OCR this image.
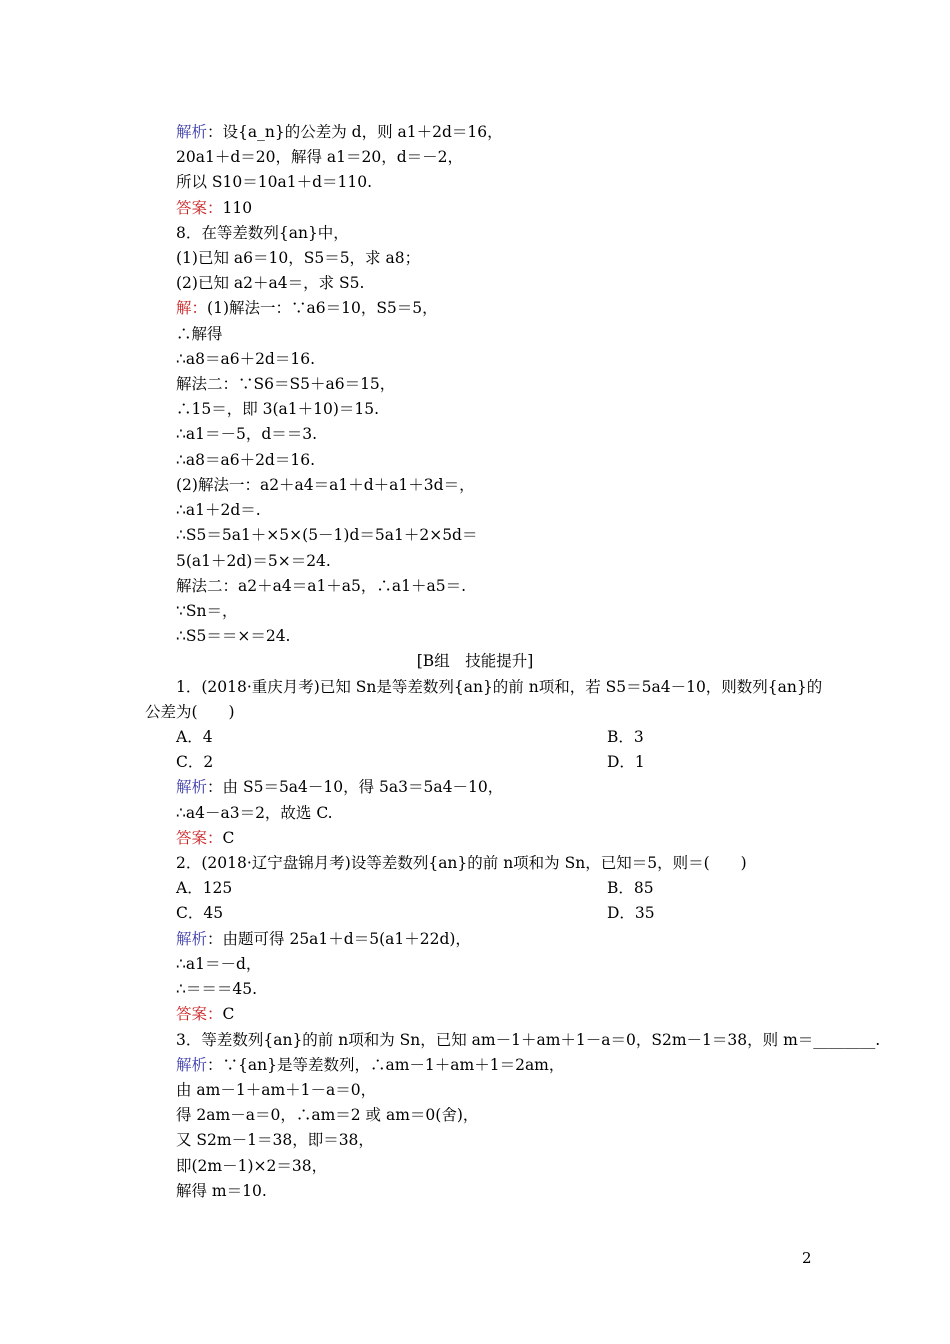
解析：设{a_n}的公差为 d，则 a1＋2d＝16，
20a1＋d＝20，解得 a1＝20，d＝－2，
所以 S10＝10a1＋d＝110.
答案：110
8．在等差数列{an}中，
(1)已知 a6＝10，S5＝5，求 a8；
(2)已知 a2＋a4＝，求 S5.
解：(1)解法一：∵a6＝10，S5＝5，
∴解得
∴a8＝a6＋2d＝16.
解法二：∵S6＝S5＋a6＝15，
∴15＝，即 3(a1＋10)＝15.
∴a1＝－5，d＝＝3.
∴a8＝a6＋2d＝16.
(2)解法一：a2＋a4＝a1＋d＋a1＋3d＝，
∴a1＋2d＝.
∴S5＝5a1＋×5×(5－1)d＝5a1＋2×5d＝
5(a1＋2d)＝5×＝24.
解法二：a2＋a4＝a1＋a5，∴a1＋a5＝.
∵Sn＝，
∴S5＝＝×＝24.
[B组　技能提升]
1．(2018·重庆月考)已知 Sn是等差数列{an}的前 n项和，若 S5＝5a4－10，则数列{an}的
公差为(　　)
A．4	B．3
C．2	D．1
解析：由 S5＝5a4－10，得 5a3＝5a4－10，
∴a4－a3＝2，故选 C.
答案：C
2．(2018·辽宁盘锦月考)设等差数列{an}的前 n项和为 Sn，已知＝5，则＝(　　)
A．125	B．85
C．45	D．35
解析：由题可得 25a1＋d＝5(a1＋22d)，
∴a1＝－d，
∴＝＝＝45.
答案：C
3．等差数列{an}的前 n项和为 Sn，已知 am－1＋am＋1－a＝0，S2m－1＝38，则 m＝________.
解析：∵{an}是等差数列，∴am－1＋am＋1＝2am，
由 am－1＋am＋1－a＝0，
得 2am－a＝0，∴am＝2 或 am＝0(舍)，
又 S2m－1＝38，即＝38，
即(2m－1)×2＝38，
解得 m＝10.
2
